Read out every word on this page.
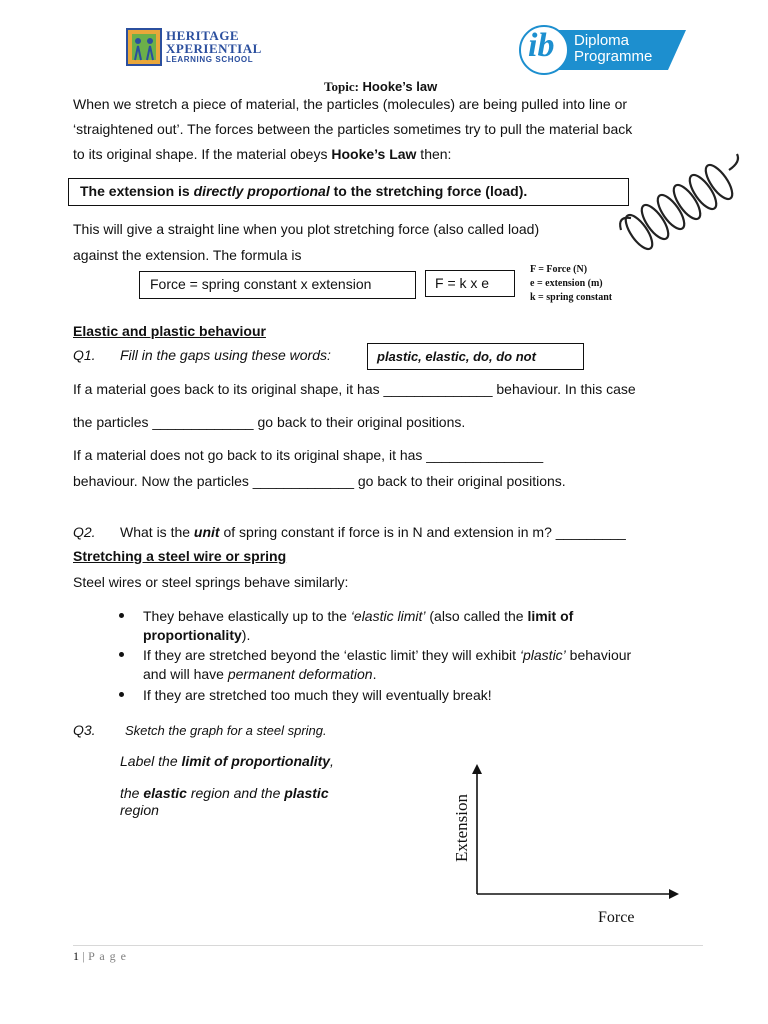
HERITAGE
XPERIENTIAL
LEARNING SCHOOL	ib Diploma
Programme
Topic: Hooke’s law
When we stretch a piece of material, the particles (molecules) are being pulled into line or
‘straightened out’. The forces between the particles sometimes try to pull the material back
to its original shape. If the material obeys Hooke’s Law then:
The extension is directly proportional to the stretching force (load).
This will give a straight line when you plot stretching force (also called load)
against the extension. The formula is
Force = spring constant x extension	F = k x e
F = Force (N)
e = extension (m)
k = spring constant
Elastic and plastic behaviour
Q1. Fill in the gaps using these words:	plastic, elastic, do, do not
If a material goes back to its original shape, it has ______________ behaviour. In this case
the particles _____________ go back to their original positions.
If a material does not go back to its original shape, it has _______________
behaviour. Now the particles _____________ go back to their original positions.
Q2. What is the unit of spring constant if force is in N and extension in m? _________
Stretching a steel wire or spring
Steel wires or steel springs behave similarly:
They behave elastically up to the ‘elastic limit’ (also called the limit of
proportionality).
If they are stretched beyond the ‘elastic limit’ they will exhibit ‘plastic’ behaviour
and will have permanent deformation.
If they are stretched too much they will eventually break!
Q3. Sketch the graph for a steel spring.
Label the limit of proportionality,
the elastic region and the plastic
region	Extension
Force
1 | P a g e
